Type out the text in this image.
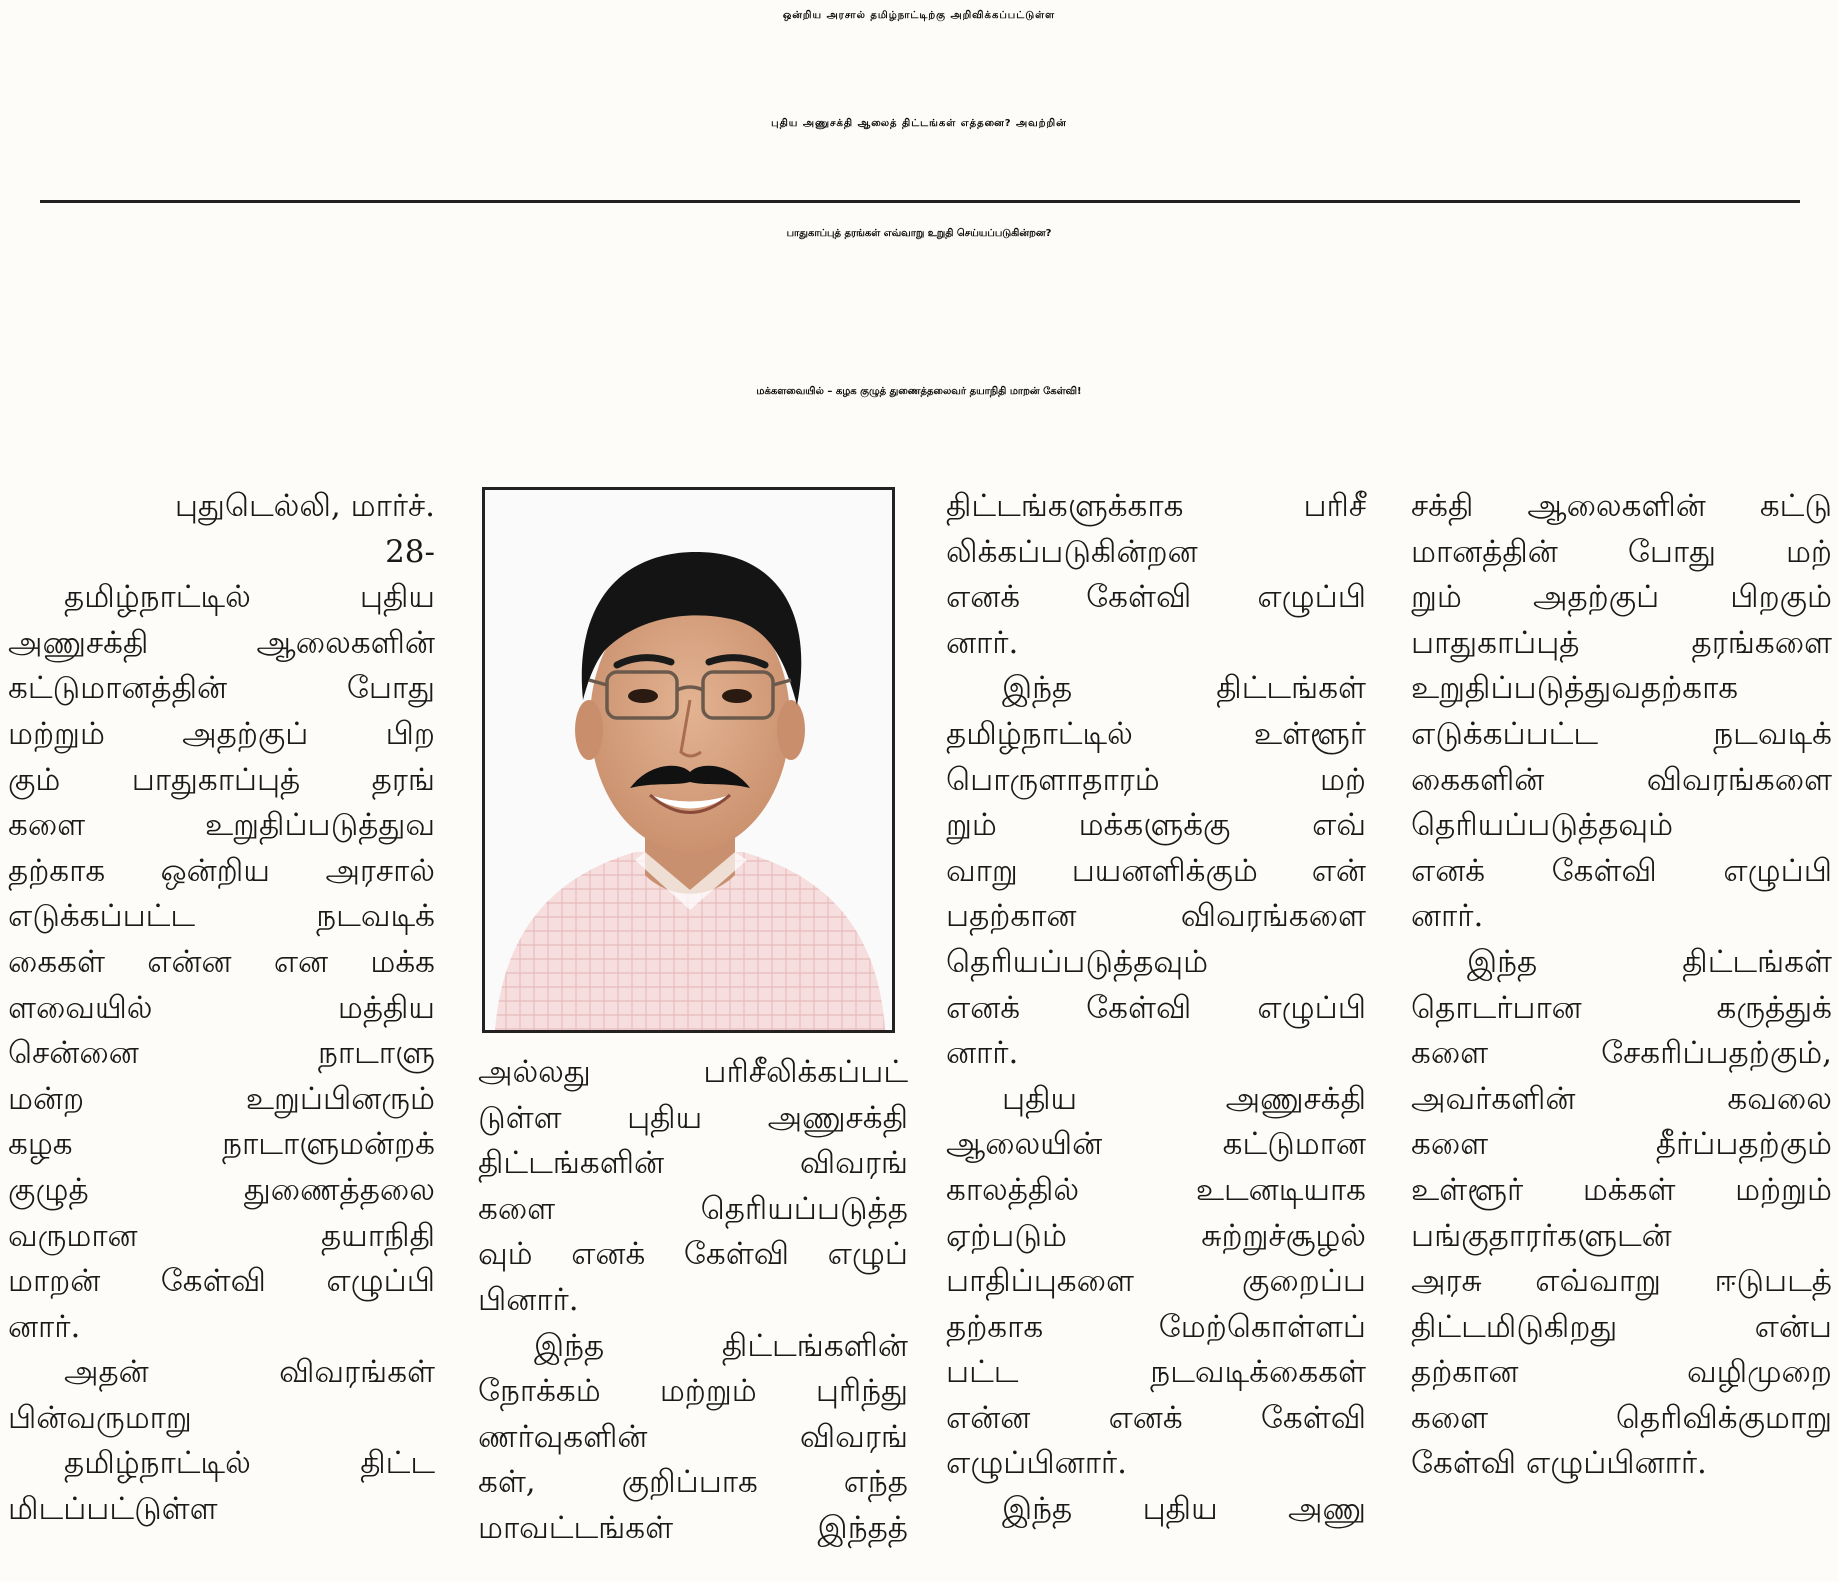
ஒன்றிய அரசால் தமிழ்நாட்டிற்கு அறிவிக்கப்பட்டுள்ள
புதிய அணுசக்தி ஆலைத் திட்டங்கள் எத்தனை? அவற்றின்
பாதுகாப்புத் தரங்கள் எவ்வாறு உறுதி செய்யப்படுகின்றன?
மக்களவையில் – கழக குழுத் துணைத்தலைவர் தயாநிதி மாறன் கேள்வி!

புதுடெல்லி, மார்ச்.

28-

தமிழ்நாட்டில் புதிய

அணுசக்தி ஆலைகளின்

கட்டுமானத்தின் போது

மற்றும் அதற்குப் பிற

கும் பாதுகாப்புத் தரங்

களை உறுதிப்படுத்துவ

தற்காக ஒன்றிய அரசால்

எடுக்கப்பட்ட நடவடிக்

கைகள் என்ன என மக்க

ளவையில் மத்திய

சென்னை நாடாளு

மன்ற உறுப்பினரும்

கழக நாடாளுமன்றக்

குழுத் துணைத்தலை

வருமான தயாநிதி

மாறன் கேள்வி எழுப்பி

னார்.

அதன் விவரங்கள்

பின்வருமாறு

தமிழ்நாட்டில் திட்ட

மிடப்பட்டுள்ள

அல்லது பரிசீலிக்கப்பட்

டுள்ள புதிய அணுசக்தி

திட்டங்களின் விவரங்

களை தெரியப்படுத்த

வும் எனக் கேள்வி எழுப்

பினார்.

இந்த திட்டங்களின்

நோக்கம் மற்றும் புரிந்து

ணர்வுகளின் விவரங்

கள், குறிப்பாக எந்த

மாவட்டங்கள் இந்தத்

திட்டங்களுக்காக பரிசீ

லிக்கப்படுகின்றன

எனக் கேள்வி எழுப்பி

னார்.

இந்த திட்டங்கள்

தமிழ்நாட்டில் உள்ளூர்

பொருளாதாரம் மற்

றும் மக்களுக்கு எவ்

வாறு பயனளிக்கும் என்

பதற்கான விவரங்களை

தெரியப்படுத்தவும்

எனக் கேள்வி எழுப்பி

னார்.

புதிய அணுசக்தி

ஆலையின் கட்டுமான

காலத்தில் உடனடியாக

ஏற்படும் சுற்றுச்சூழல்

பாதிப்புகளை குறைப்ப

தற்காக மேற்கொள்ளப்

பட்ட நடவடிக்கைகள்

என்ன எனக் கேள்வி

எழுப்பினார்.

இந்த புதிய அணு

சக்தி ஆலைகளின் கட்டு

மானத்தின் போது மற்

றும் அதற்குப் பிறகும்

பாதுகாப்புத் தரங்களை

உறுதிப்படுத்துவதற்காக

எடுக்கப்பட்ட நடவடிக்

கைகளின் விவரங்களை

தெரியப்படுத்தவும்

எனக் கேள்வி எழுப்பி

னார்.

இந்த திட்டங்கள்

தொடர்பான கருத்துக்

களை சேகரிப்பதற்கும்,

அவர்களின் கவலை

களை தீர்ப்பதற்கும்

உள்ளூர் மக்கள் மற்றும்

பங்குதாரர்களுடன்

அரசு எவ்வாறு ஈடுபடத்

திட்டமிடுகிறது என்ப

தற்கான வழிமுறை

களை தெரிவிக்குமாறு

கேள்வி எழுப்பினார்.
